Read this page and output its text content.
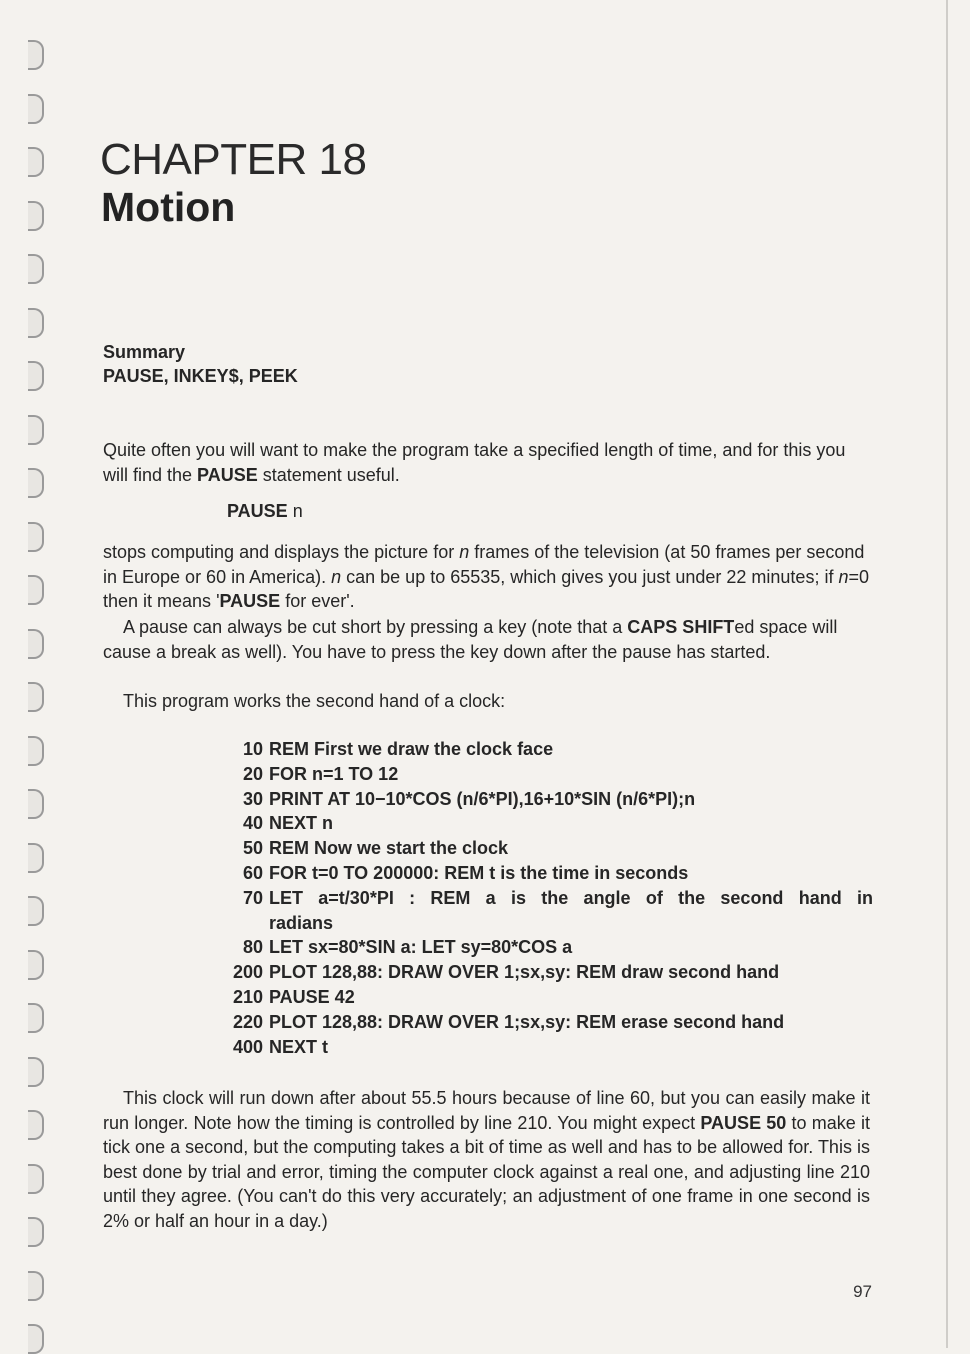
CHAPTER 18
Motion
Summary
PAUSE, INKEY$, PEEK
Quite often you will want to make the program take a specified length of time, and for this you will find the PAUSE statement useful.
PAUSE n
stops computing and displays the picture for n frames of the television (at 50 frames per second in Europe or 60 in America). n can be up to 65535, which gives you just under 22 minutes; if n=0 then it means 'PAUSE for ever'.
A pause can always be cut short by pressing a key (note that a CAPS SHIFTed space will cause a break as well). You have to press the key down after the pause has started.
This program works the second hand of a clock:
10 REM First we draw the clock face
20 FOR n=1 TO 12
30 PRINT AT 10−10*COS (n/6*PI),16+10*SIN (n/6*PI);n
40 NEXT n
50 REM Now we start the clock
60 FOR t=0 TO 200000: REM t is the time in seconds
70 LET a=t/30*PI : REM a is the angle of the second hand in
radians
80 LET sx=80*SIN a: LET sy=80*COS a
200 PLOT 128,88: DRAW OVER 1;sx,sy: REM draw second hand
210 PAUSE 42
220 PLOT 128,88: DRAW OVER 1;sx,sy: REM erase second hand
400 NEXT t
This clock will run down after about 55.5 hours because of line 60, but you can easily make it run longer. Note how the timing is controlled by line 210. You might expect PAUSE 50 to make it tick one a second, but the computing takes a bit of time as well and has to be allowed for. This is best done by trial and error, timing the computer clock against a real one, and adjusting line 210 until they agree. (You can't do this very accurately; an adjustment of one frame in one second is 2% or half an hour in a day.)
97
